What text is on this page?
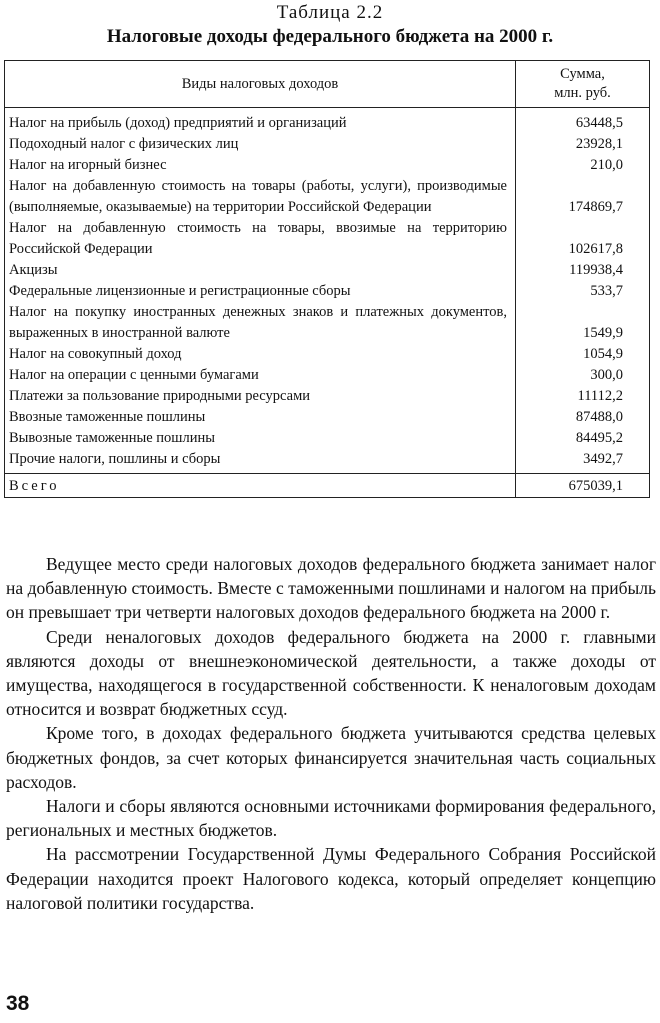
Таблица 2.2
Налоговые доходы федерального бюджета на 2000 г.
Виды налоговых доходов	Сумма,
млн. руб.
Налог на прибыль (доход) предприятий и организаций	63448,5
Подоходный налог с физических лиц	23928,1
Налог на игорный бизнес	210,0
Налог на добавленную стоимость на товары (работы, услуги), производимые (выполняемые, оказываемые) на территории Российской Федерации	174869,7
Налог на добавленную стоимость на товары, ввозимые на территорию Российской Федерации	102617,8
Акцизы	119938,4
Федеральные лицензионные и регистрационные сборы	533,7
Налог на покупку иностранных денежных знаков и платежных документов, выраженных в иностранной валюте	1549,9
Налог на совокупный доход	1054,9
Налог на операции с ценными бумагами	300,0
Платежи за пользование природными ресурсами	11112,2
Ввозные таможенные пошлины	87488,0
Вывозные таможенные пошлины	84495,2
Прочие налоги, пошлины и сборы	3492,7
Всего	675039,1

Ведущее место среди налоговых доходов федерального бюджета занимает налог на добавленную стоимость. Вместе с таможенными пошлинами и налогом на прибыль он превышает три четверти налоговых доходов федерального бюджета на 2000 г.

Среди неналоговых доходов федерального бюджета на 2000 г. главными являются доходы от внешнеэкономической деятельности, а также доходы от имущества, находящегося в государственной собственности. К неналоговым доходам относится и возврат бюджетных ссуд.

Кроме того, в доходах федерального бюджета учитываются средства целевых бюджетных фондов, за счет которых финансируется значительная часть социальных расходов.

Налоги и сборы являются основными источниками формирования федерального, региональных и местных бюджетов.

На рассмотрении Государственной Думы Федерального Собрания Российской Федерации находится проект Налогового кодекса, который определяет концепцию налоговой политики государства.

38
